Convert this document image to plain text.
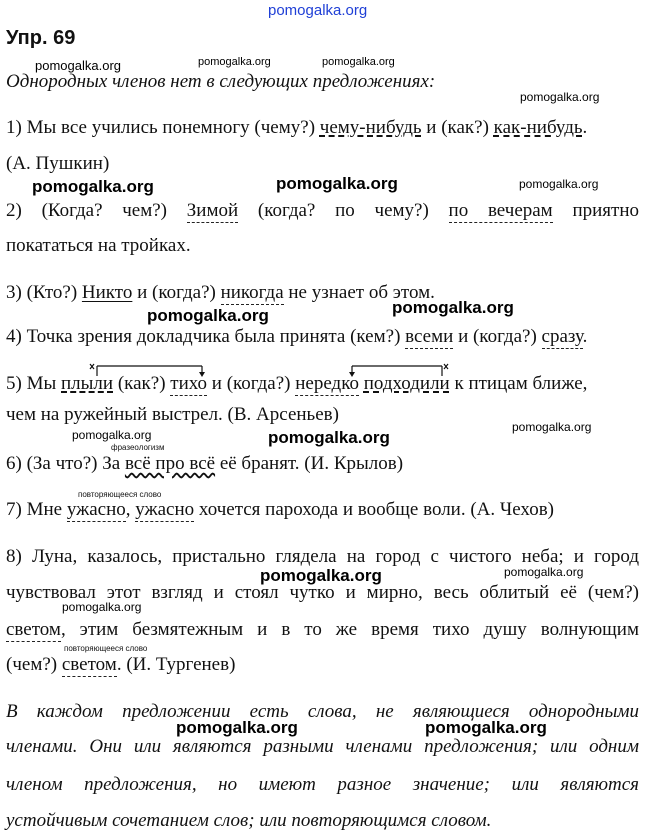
pomogalka.org
Упр. 69
pomogalka.org	pomogalka.org	pomogalka.org
Однородных членов нет в следующих предложениях:
pomogalka.org
1) Мы все учились понемногу (чему?) чему-нибудь и (как?) как-нибудь.
(А. Пушкин)
pomogalka.org	pomogalka.org	pomogalka.org
2) (Когда? чем?) Зимой (когда? по чему?) по вечерам приятно
покататься на тройках.
3) (Кто?) Никто и (когда?) никогда не узнает об этом.
pomogalka.org
pomogalka.org
4) Точка зрения докладчика была принята (кем?) всеми и (когда?) сразу.
5) Мы плыли (как?) тихо и (когда?) нередко подходили к птицам ближе,
чем на ружейный выстрел. (В. Арсеньев)
pomogalka.org	pomogalka.org
pomogalka.org
фразеологизм
6) (За что?) За всё про всё её бранят. (И. Крылов)
повторяющееся слово
7) Мне ужасно, ужасно хочется парохода и вообще воли. (А. Чехов)
8) Луна, казалось, пристально глядела на город с чистого неба; и город
pomogalka.org	pomogalka.org
чувствовал этот взгляд и стоял чутко и мирно, весь облитый её (чем?)
pomogalka.org
светом, этим безмятежным и в то же время тихо душу волнующим
повторяющееся слово
(чем?) светом. (И. Тургенев)
В каждом предложении есть слова, не являющиеся однородными
pomogalka.org	pomogalka.org
членами. Они или являются разными членами предложения; или одним
членом предложения, но имеют разное значение; или являются
устойчивым сочетанием слов; или повторяющимся словом.
